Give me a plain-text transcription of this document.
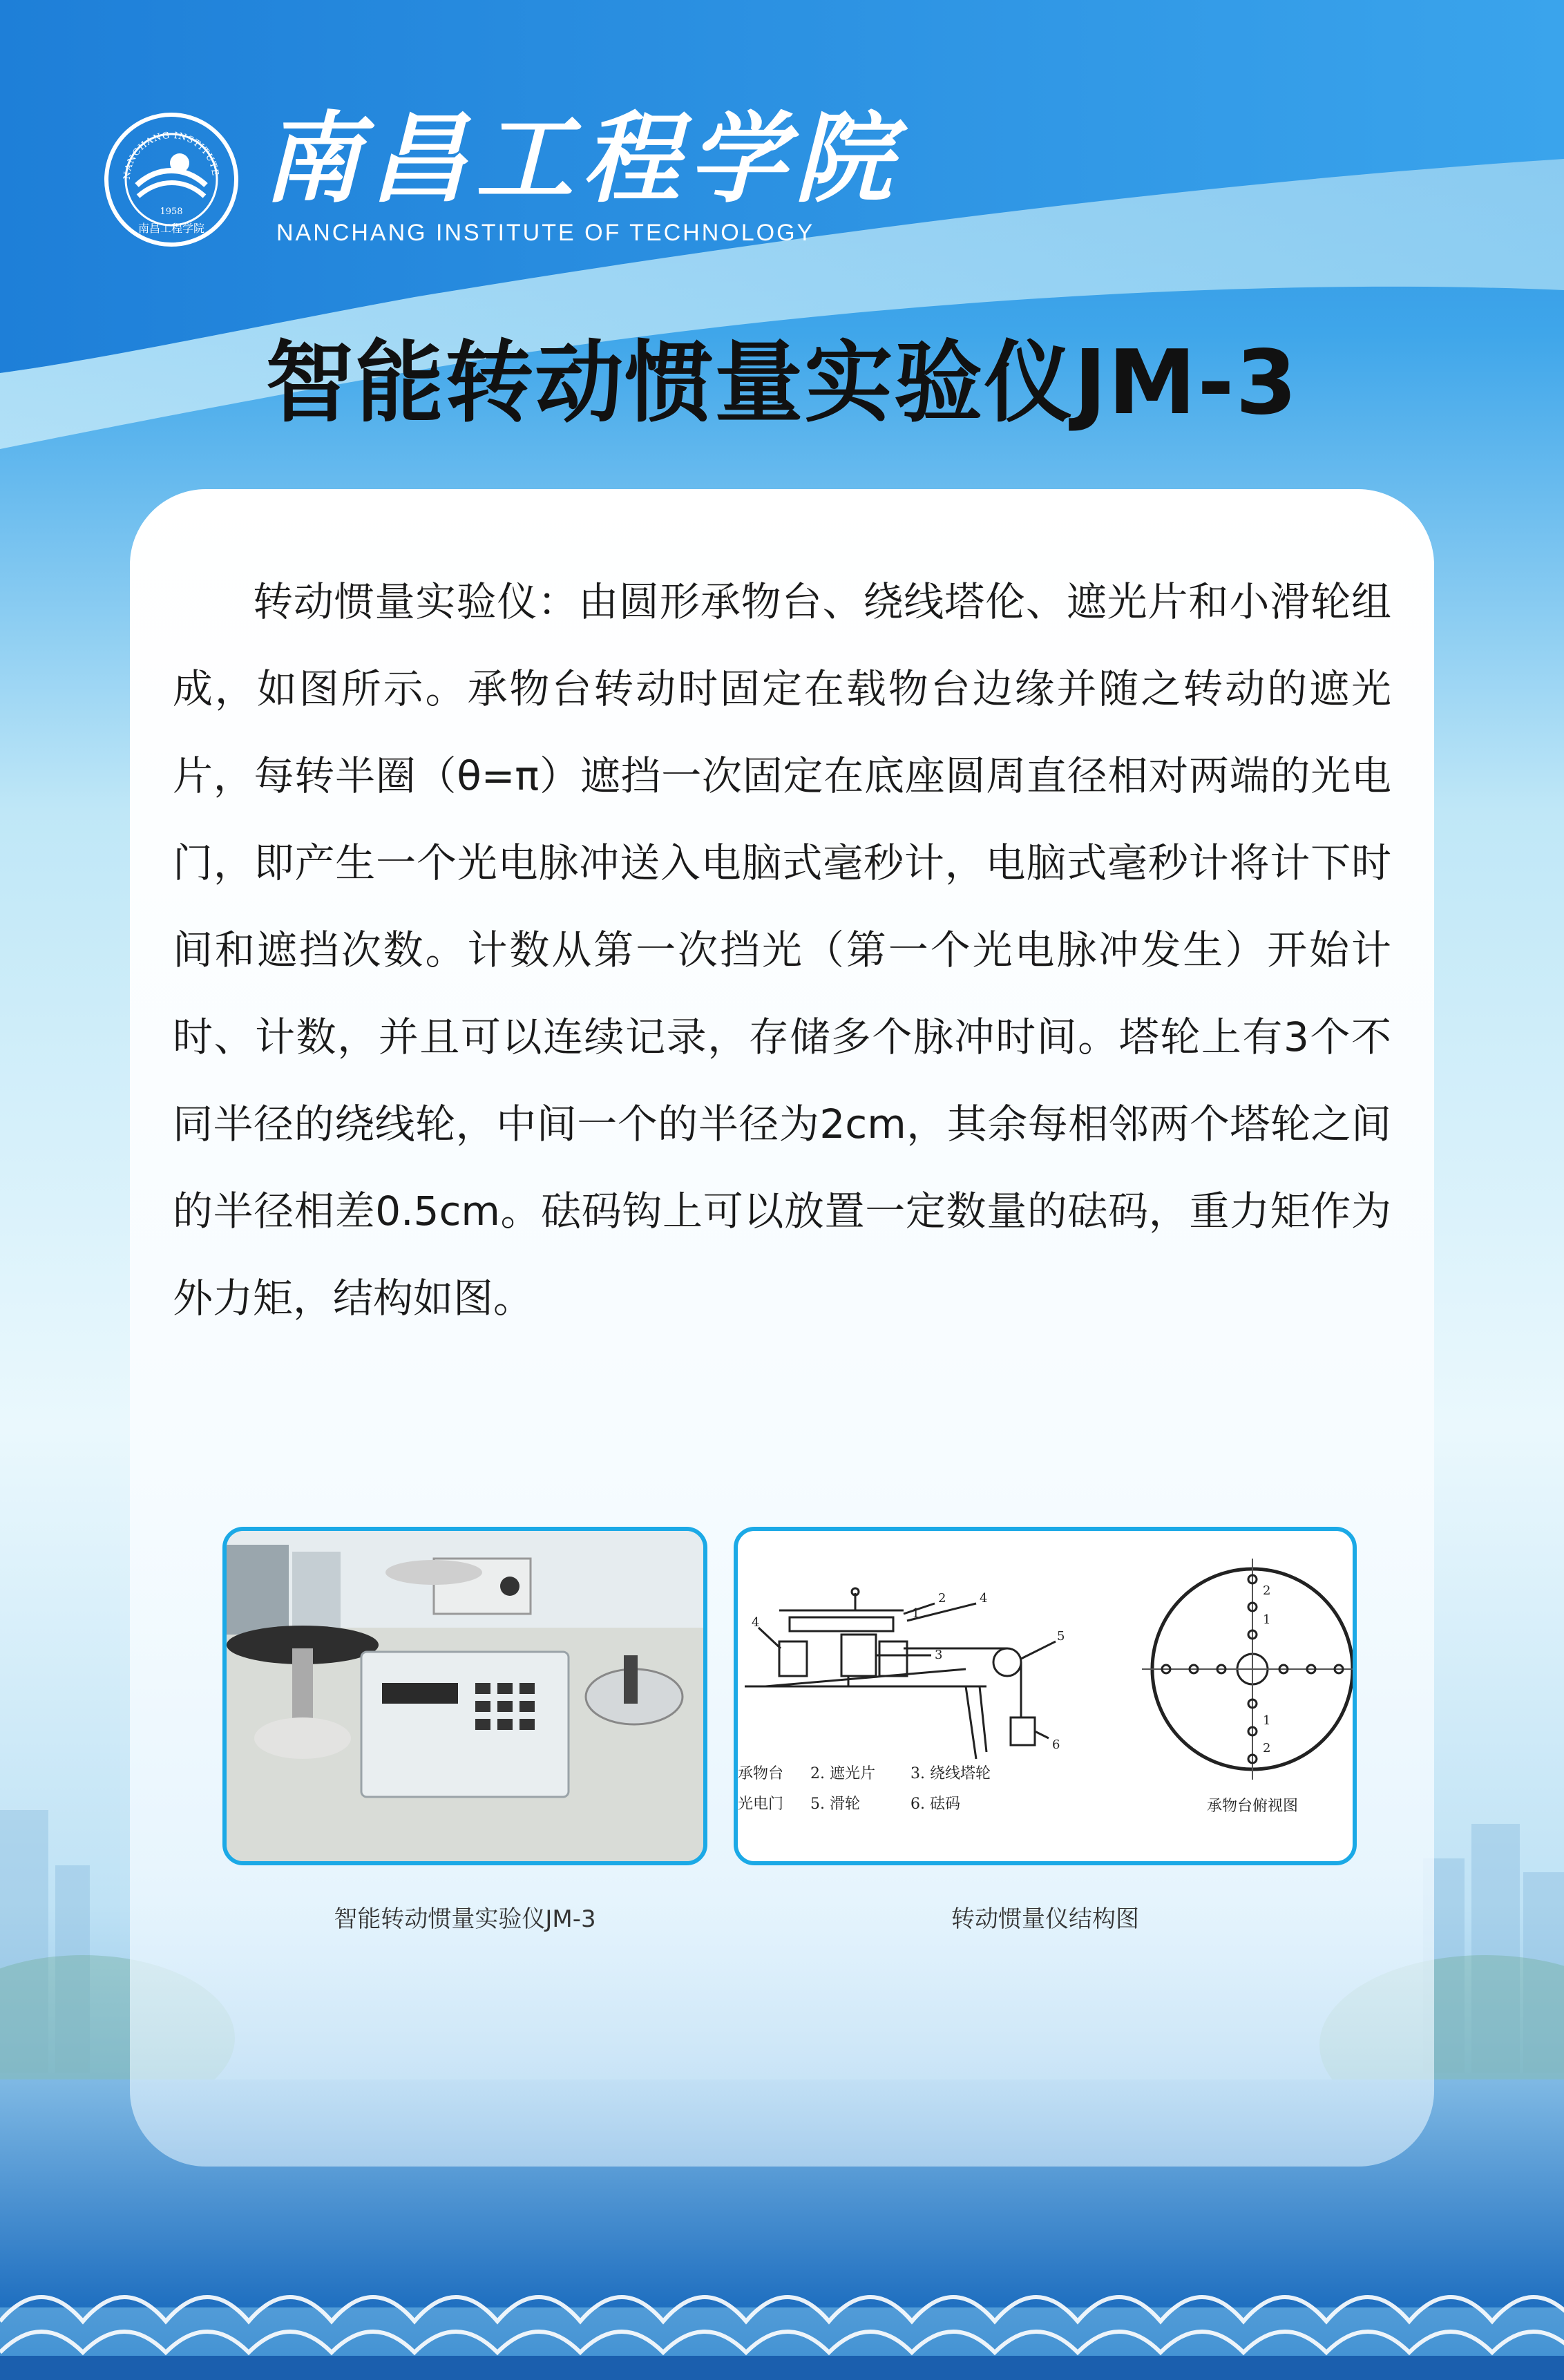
NANCHANG INSTITUTE
1958
南昌工程学院
南昌工程学院
NANCHANG INSTITUTE OF TECHNOLOGY
智能转动惯量实验仪JM-3

转动惯量实验仪：由圆形承物台、绕线塔伦、遮光片和小滑轮组成，如图所示。承物台转动时固定在载物台边缘并随之转动的遮光片，每转半圈（θ=π）遮挡一次固定在底座圆周直径相对两端的光电门，即产生一个光电脉冲送入电脑式毫秒计，电脑式毫秒计将计下时间和遮挡次数。计数从第一次挡光（第一个光电脉冲发生）开始计时、计数，并且可以连续记录，存储多个脉冲时间。塔轮上有3个不同半径的绕线轮，中间一个的半径为2cm，其余每相邻两个塔轮之间的半径相差0.5cm。砝码钩上可以放置一定数量的砝码，重力矩作为外力矩，结构如图。

4
2	4
1
3
5
6
承物台 2. 遮光片 3. 绕线塔轮
光电门 5. 滑轮	6. 砝码
2
1
1
2
承物台俯视图
智能转动惯量实验仪JM-3	转动惯量仪结构图
